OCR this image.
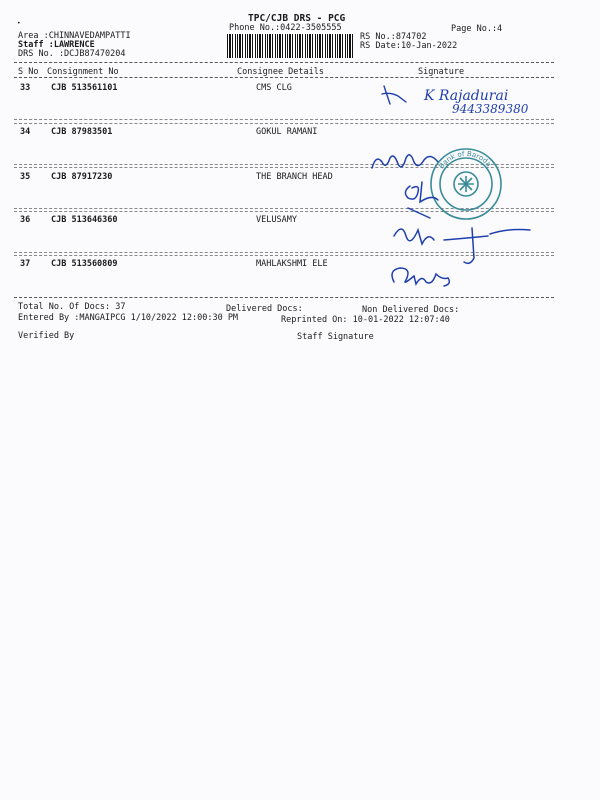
•	TPC/CJB DRS - PCG
Phone No.:0422-3505555	Page No.:4
Area :CHINNAVEDAMPATTI
Staff :LAWRENCE
DRS No. :DCJB87470204
RS No.:874702
RS Date:10-Jan-2022
S No Consignment No	Consignee Details	Signature
33 CJB 513561101	CMS CLG
34 CJB 87983501	GOKUL RAMANI
35 CJB 87917230	THE BRANCH HEAD
36 CJB 513646360	VELUSAMY
37 CJB 513560809	MAHLAKSHMI ELE
Total No. Of Docs: 37	Delivered Docs:	Non Delivered Docs:
Entered By :MANGAIPCG 1/10/2022 12:00:30 PM	Reprinted On: 10-01-2022 12:07:40
Verified By	Staff Signature
K Rajadurai
9443389380
Bank of Baroda
